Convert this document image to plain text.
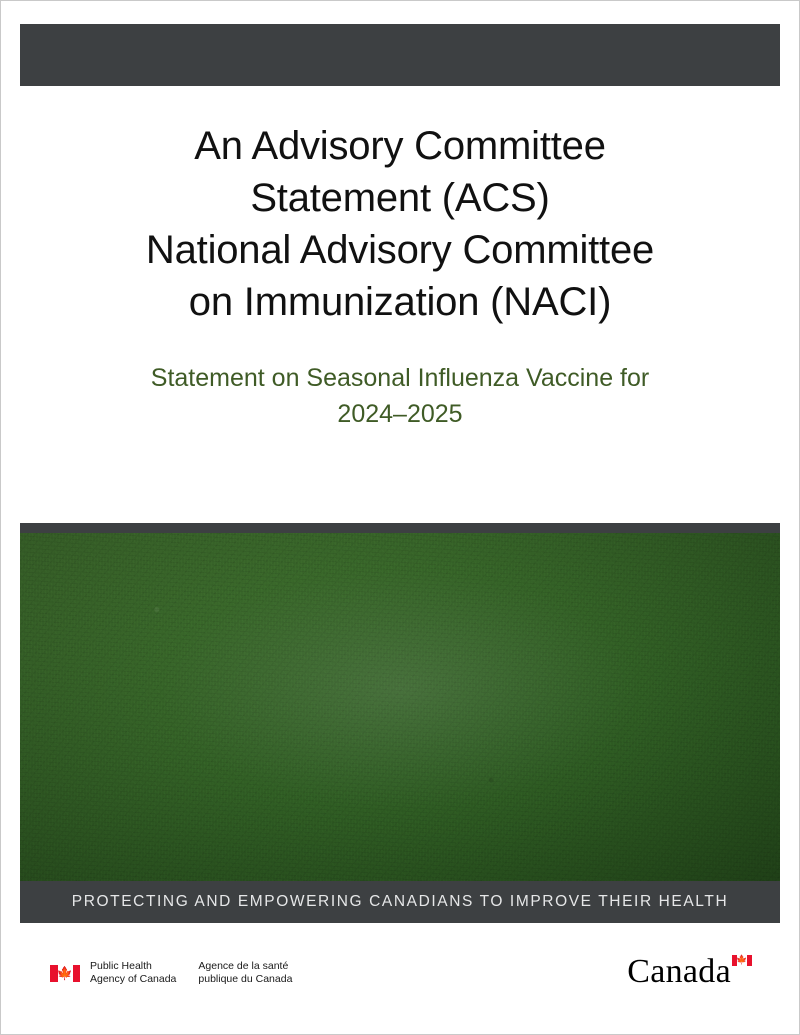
An Advisory Committee
Statement (ACS)
National Advisory Committee
on Immunization (NACI)
Statement on Seasonal Influenza Vaccine for
2024–2025
PROTECTING AND EMPOWERING CANADIANS TO IMPROVE THEIR HEALTH
🍁 Public Health
Agency of Canada
Agence de la santé
publique du Canada	Canada 🍁
